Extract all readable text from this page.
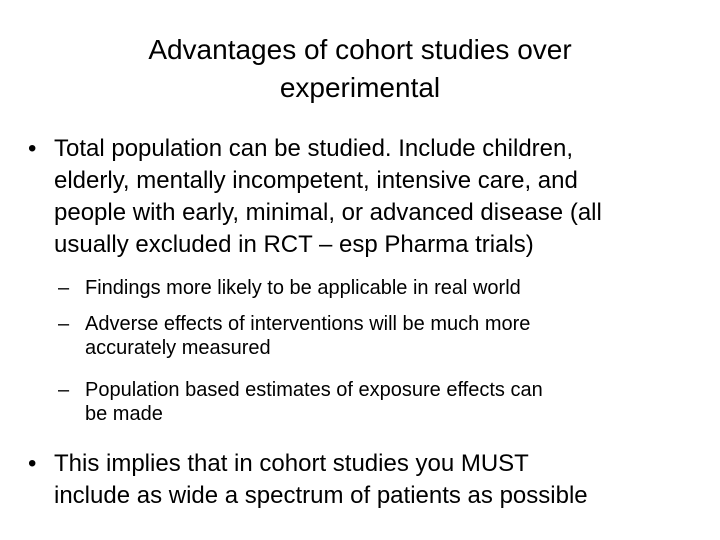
Advantages of cohort studies over
experimental
• Total population can be studied. Include children,
elderly, mentally incompetent, intensive care, and
people with early, minimal, or advanced disease (all
usually excluded in RCT – esp Pharma trials)
– Findings more likely to be applicable in real world
– Adverse effects of interventions will be much more
accurately measured
– Population based estimates of exposure effects can
be made
• This implies that in cohort studies you MUST
include as wide a spectrum of patients as possible
